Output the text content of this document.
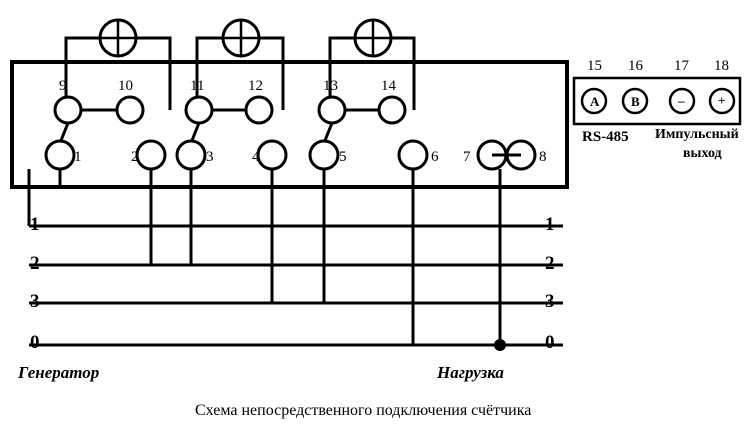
9	10	11	12	13	14
1	2	3	4	5	6 7	8
15 16 17 18
A B	–	+
RS-485 Импульсный
выход
1
2
3
0
1
2
3
0
Генератор	Нагрузка
Схема непосредственного подключения счётчика
